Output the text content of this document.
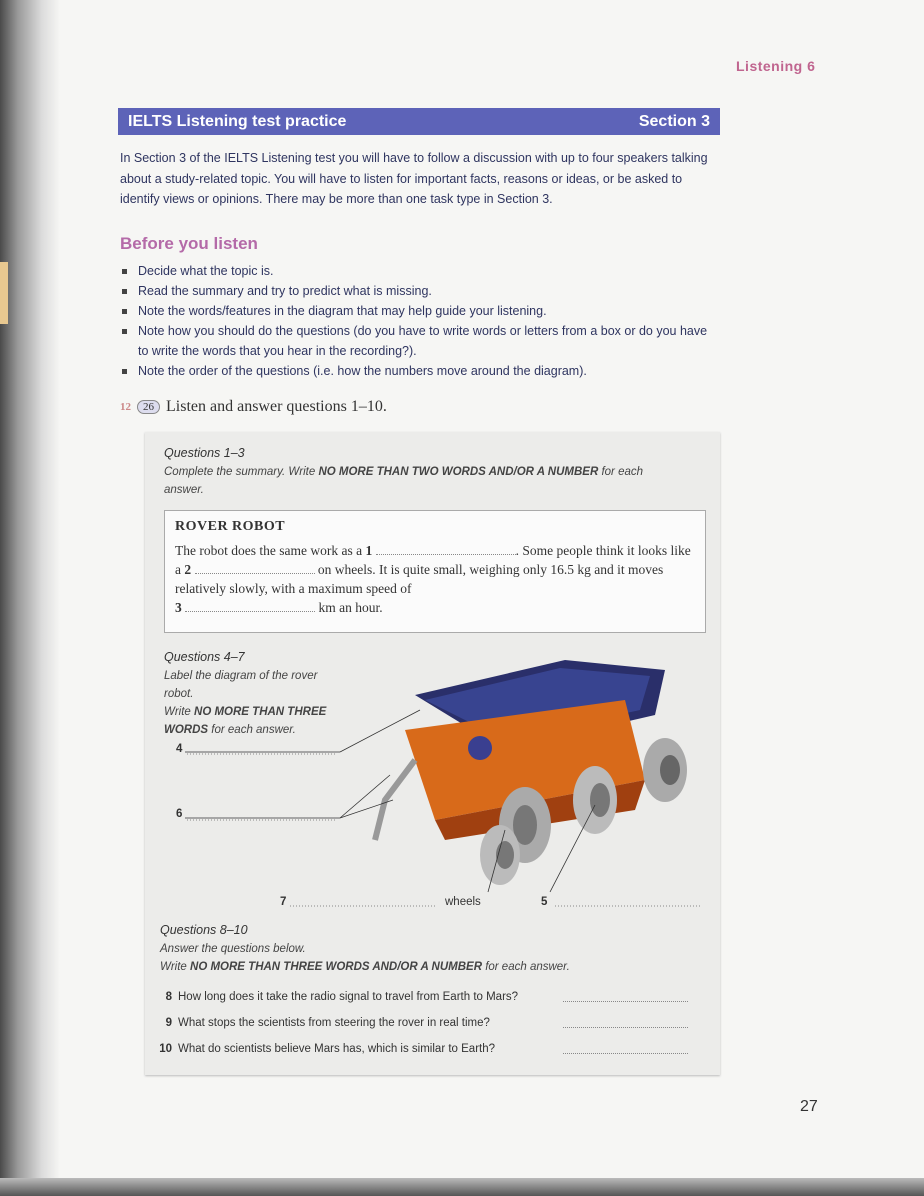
Listening 6
IELTS Listening test practice	Section 3
In Section 3 of the IELTS Listening test you will have to follow a discussion with up to four speakers talking about a study-related topic. You will have to listen for important facts, reasons or ideas, or be asked to identify views or opinions. There may be more than one task type in Section 3.
Before you listen
Decide what the topic is.
Read the summary and try to predict what is missing.
Note the words/features in the diagram that may help guide your listening.
Note how you should do the questions (do you have to write words or letters from a box or do you have to write the words that you hear in the recording?).
Note the order of the questions (i.e. how the numbers move around the diagram).
12	26 Listen and answer questions 1–10.
Questions 1–3
Complete the summary. Write NO MORE THAN TWO WORDS AND/OR A NUMBER for each answer.
ROVER ROBOT
The robot does the same work as a 1	. Some people think it looks like a 2	on wheels. It is quite small, weighing only 16.5 kg and it moves relatively slowly, with a maximum speed of
3	km an hour.
Questions 4–7
Label the diagram of the rover robot.
Write NO MORE THAN THREE WORDS for each answer.
4
6
7	wheels	5
Questions 8–10
Answer the questions below.
Write NO MORE THAN THREE WORDS AND/OR A NUMBER for each answer.
8 How long does it take the radio signal to travel from Earth to Mars?
9 What stops the scientists from steering the rover in real time?
10 What do scientists believe Mars has, which is similar to Earth?
27
